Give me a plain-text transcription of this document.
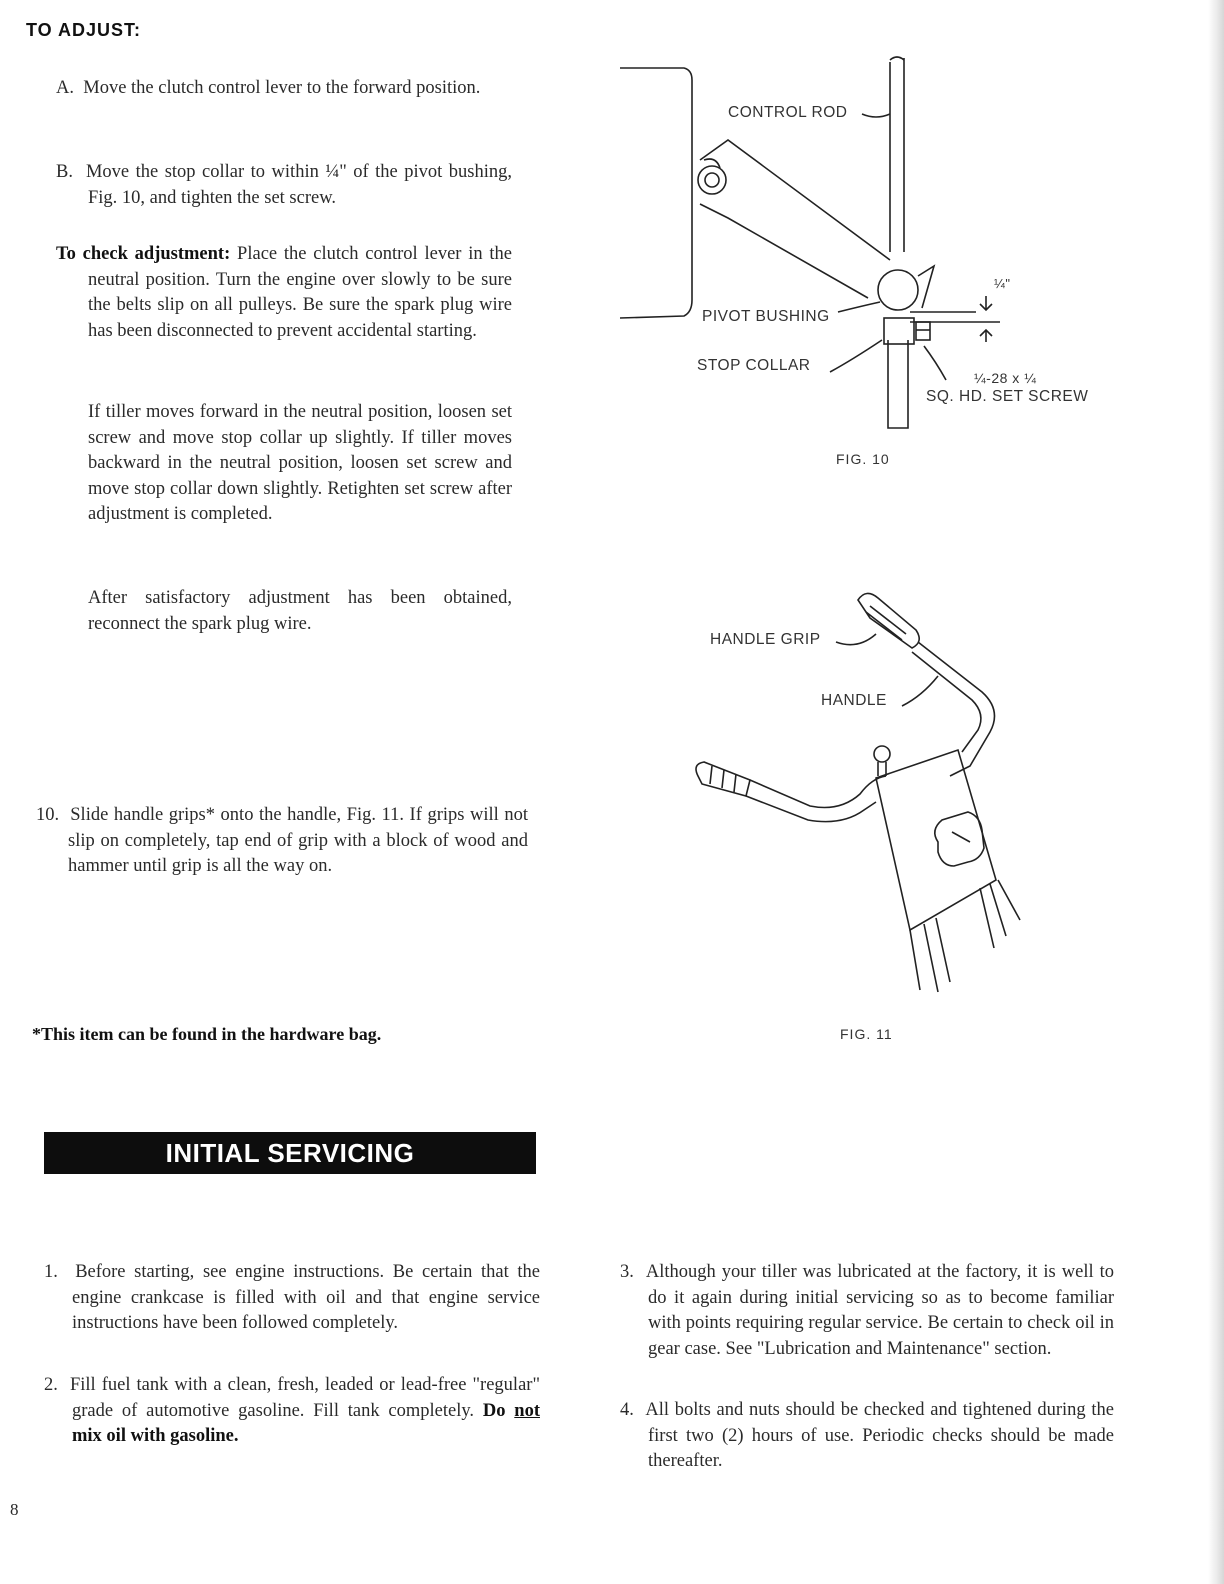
TO ADJUST:
A. Move the clutch control lever to the forward position.
B. Move the stop collar to within ¼" of the pivot bushing, Fig. 10, and tighten the set screw.
To check adjustment: Place the clutch control lever in the neutral position. Turn the engine over slowly to be sure the belts slip on all pulleys. Be sure the spark plug wire has been disconnected to prevent accidental starting.
If tiller moves forward in the neutral position, loosen set screw and move stop collar up slightly. If tiller moves backward in the neutral position, loosen set screw and move stop collar down slightly. Retighten set screw after adjustment is completed.
After satisfactory adjustment has been obtained, reconnect the spark plug wire.
10. Slide handle grips* onto the handle, Fig. 11. If grips will not slip on completely, tap end of grip with a block of wood and hammer until grip is all the way on.
*This item can be found in the hardware bag.
CONTROL ROD
PIVOT BUSHING
STOP COLLAR
¼"
¼-28 x ¼
SQ. HD. SET SCREW
FIG. 10
HANDLE GRIP
HANDLE
FIG. 11
INITIAL SERVICING
1. Before starting, see engine instructions. Be certain that the engine crankcase is filled with oil and that engine service instructions have been followed completely.
2. Fill fuel tank with a clean, fresh, leaded or lead-free "regular" grade of automotive gasoline. Fill tank completely. Do not mix oil with gasoline.
3. Although your tiller was lubricated at the factory, it is well to do it again during initial servicing so as to become familiar with points requiring regular service. Be certain to check oil in gear case. See "Lubrication and Maintenance" section.
4. All bolts and nuts should be checked and tightened during the first two (2) hours of use. Periodic checks should be made thereafter.
8
